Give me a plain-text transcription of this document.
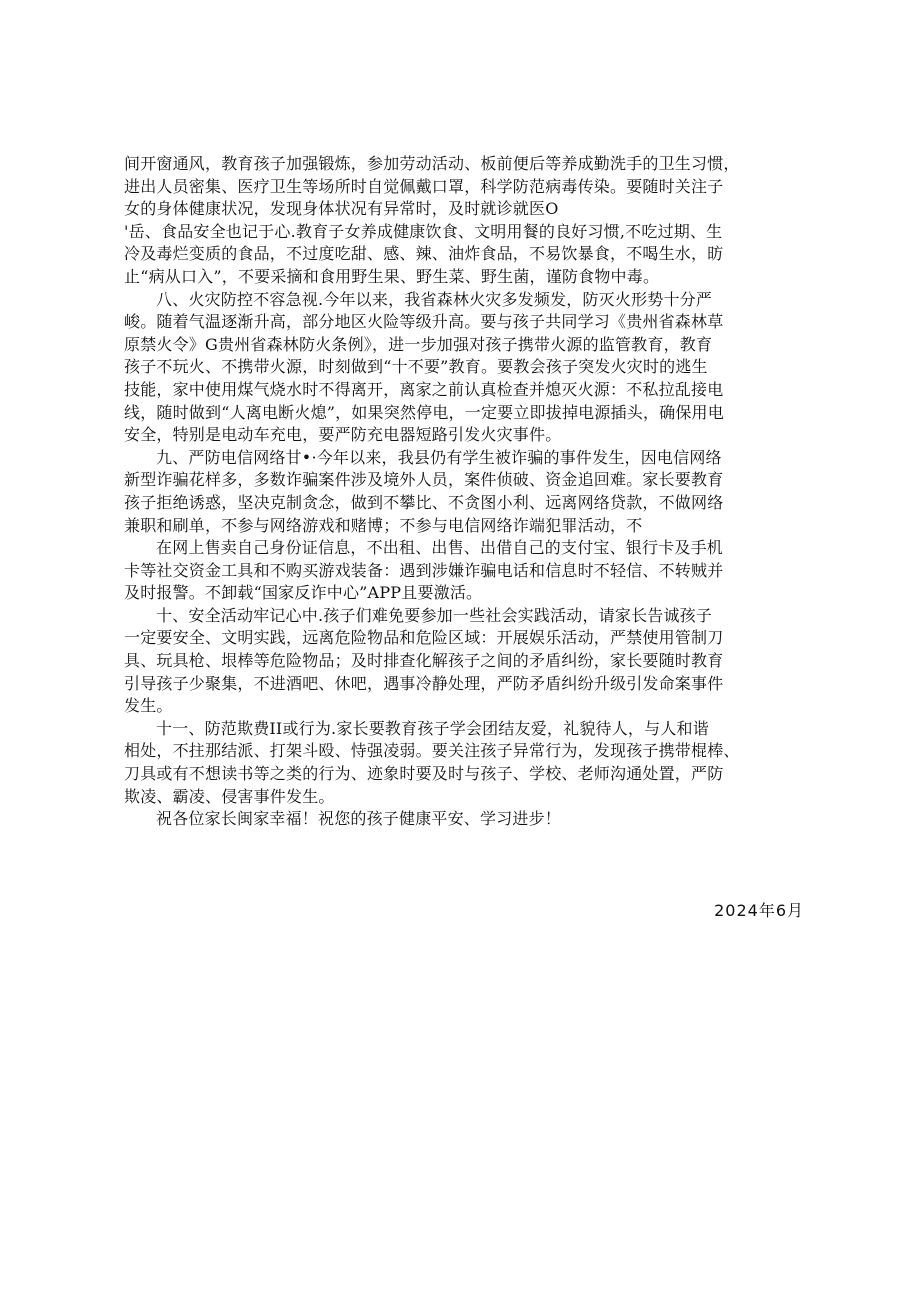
间开窗通风，教育孩子加强锻炼，参加劳动活动、板前便后等养成勤洗手的卫生习惯，
进出人员密集、医疗卫生等场所时自觉佩戴口罩，科学防范病毒传染。要随时关注子
女的身体健康状况，发现身体状况有异常时，及时就诊就医O
'岳、食品安全也记于心.教育子女养成健康饮食、文明用餐的良好习惯,不吃过期、生
冷及毒烂变质的食品，不过度吃甜、感、辣、油炸食品，不易饮暴食，不喝生水，昉
止“病从口入”，不要采摘和食用野生果、野生菜、野生菌，谨防食物中毒。
八、火灾防控不容急视.今年以来，我省森林火灾多发频发，防灭火形势十分严
峻。随着气温逐渐升高，部分地区火险等级升高。要与孩子共同学习《贵州省森林草
原禁火令》G贵州省森林防火条例》，进一步加强对孩子携带火源的监管教育，教育
孩子不玩火、不携带火源，时刻做到“十不要”教育。要教会孩子突发火灾时的逃生
技能，家中使用煤气烧水时不得离开，离家之前认真检查并熄灭火源：不私拉乱接电
线，随时做到“人离电断火熄”，如果突然停电，一定要立即拔掉电源插头，确保用电
安全，特别是电动车充电，要严防充电器短路引发火灾事件。
九、严防电信网络甘•·今年以来，我县仍有学生被诈骗的事件发生，因电信网络
新型诈骗花样多，多数诈骗案件涉及境外人员，案件侦破、资金追回难。家长要教育
孩子拒绝诱惑，坚决克制贪念，做到不攀比、不贪图小利、远离网络贷款，不做网络
兼职和刷单，不参与网络游戏和赌博；不参与电信网络诈端犯罪活动，不
在网上售卖自己身份证信息，不出租、出售、出借自己的支付宝、银行卡及手机
卡等社交资金工具和不购买游戏装备：遇到涉嫌诈骗电话和信息时不轻信、不转贼并
及时报警。不卸载“国家反诈中心”APP且要激活。
十、安全活动牢记心中.孩子们难免要参加一些社会实践活动，请家长告诚孩子
一定要安全、文明实践，远离危险物品和危险区域：开展娱乐活动，严禁使用管制刀
具、玩具枪、垠棒等危险物品；及时排查化解孩子之间的矛盾纠纷，家长要随时教育
引导孩子少聚集，不进酒吧、休吧，遇事冷静处理，严防矛盾纠纷升级引发命案事件
发生。
十一、防范欺费II或行为.家长要教育孩子学会团结友爱，礼貌待人，与人和谐
相处，不拄那结派、打架斗殴、恃强凌弱。要关注孩子异常行为，发现孩子携带棍棒、
刀具或有不想读书等之类的行为、迹象时要及时与孩子、学校、老师沟通处置，严防
欺凌、霸凌、侵害事件发生。
祝各位家长闽家幸福！祝您的孩子健康平安、学习进步！
2024年6月
